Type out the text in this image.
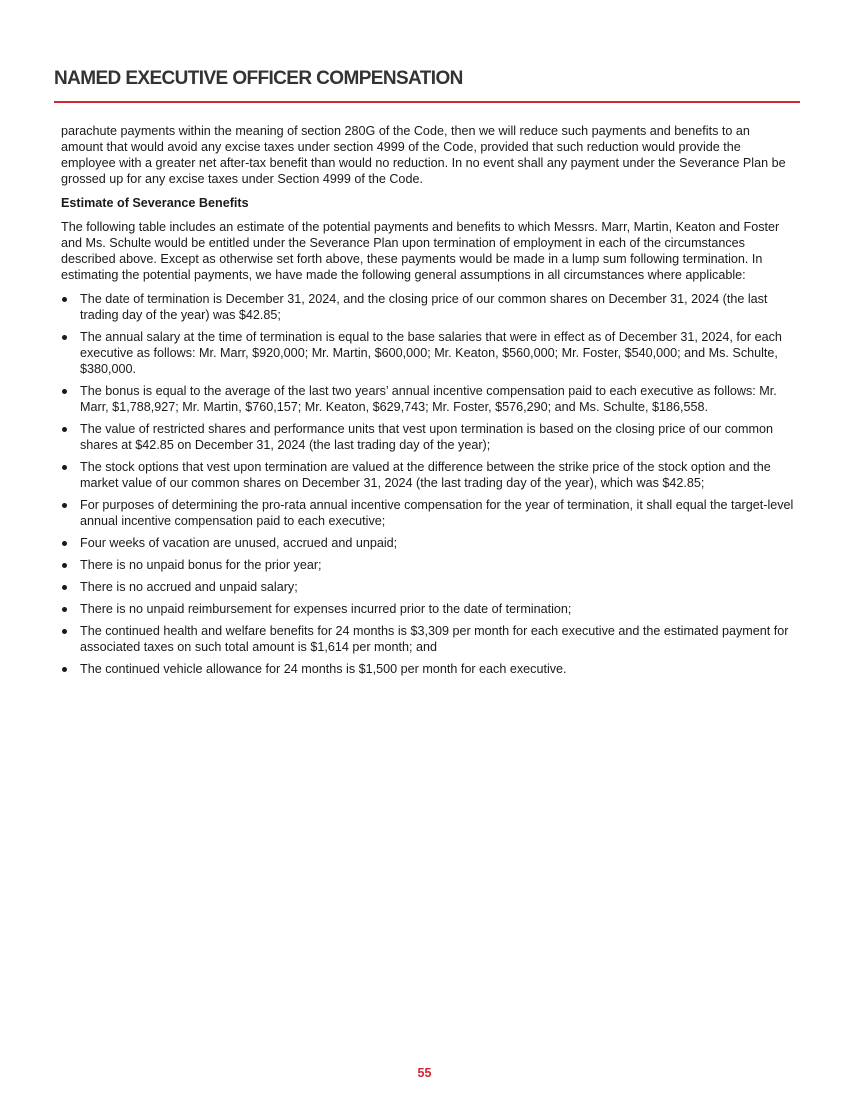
NAMED EXECUTIVE OFFICER COMPENSATION

parachute payments within the meaning of section 280G of the Code, then we will reduce such payments and benefits to an amount that would avoid any excise taxes under section 4999 of the Code, provided that such reduction would provide the employee with a greater net after-tax benefit than would no reduction. In no event shall any payment under the Severance Plan be grossed up for any excise taxes under Section 4999 of the Code.

Estimate of Severance Benefits

The following table includes an estimate of the potential payments and benefits to which Messrs. Marr, Martin, Keaton and Foster and Ms. Schulte would be entitled under the Severance Plan upon termination of employment in each of the circumstances described above. Except as otherwise set forth above, these payments would be made in a lump sum following termination. In estimating the potential payments, we have made the following general assumptions in all circumstances where applicable:

The date of termination is December 31, 2024, and the closing price of our common shares on December 31, 2024 (the last trading day of the year) was $42.85;
The annual salary at the time of termination is equal to the base salaries that were in effect as of December 31, 2024, for each executive as follows: Mr. Marr, $920,000; Mr. Martin, $600,000; Mr. Keaton, $560,000; Mr. Foster, $540,000; and Ms. Schulte, $380,000.
The bonus is equal to the average of the last two years’ annual incentive compensation paid to each executive as follows: Mr. Marr, $1,788,927; Mr. Martin, $760,157; Mr. Keaton, $629,743; Mr. Foster, $576,290; and Ms. Schulte, $186,558.
The value of restricted shares and performance units that vest upon termination is based on the closing price of our common shares at $42.85 on December 31, 2024 (the last trading day of the year);
The stock options that vest upon termination are valued at the difference between the strike price of the stock option and the market value of our common shares on December 31, 2024 (the last trading day of the year), which was $42.85;
For purposes of determining the pro-rata annual incentive compensation for the year of termination, it shall equal the target-level annual incentive compensation paid to each executive;
Four weeks of vacation are unused, accrued and unpaid;
There is no unpaid bonus for the prior year;
There is no accrued and unpaid salary;
There is no unpaid reimbursement for expenses incurred prior to the date of termination;
The continued health and welfare benefits for 24 months is $3,309 per month for each executive and the estimated payment for associated taxes on such total amount is $1,614 per month; and
The continued vehicle allowance for 24 months is $1,500 per month for each executive.
55
